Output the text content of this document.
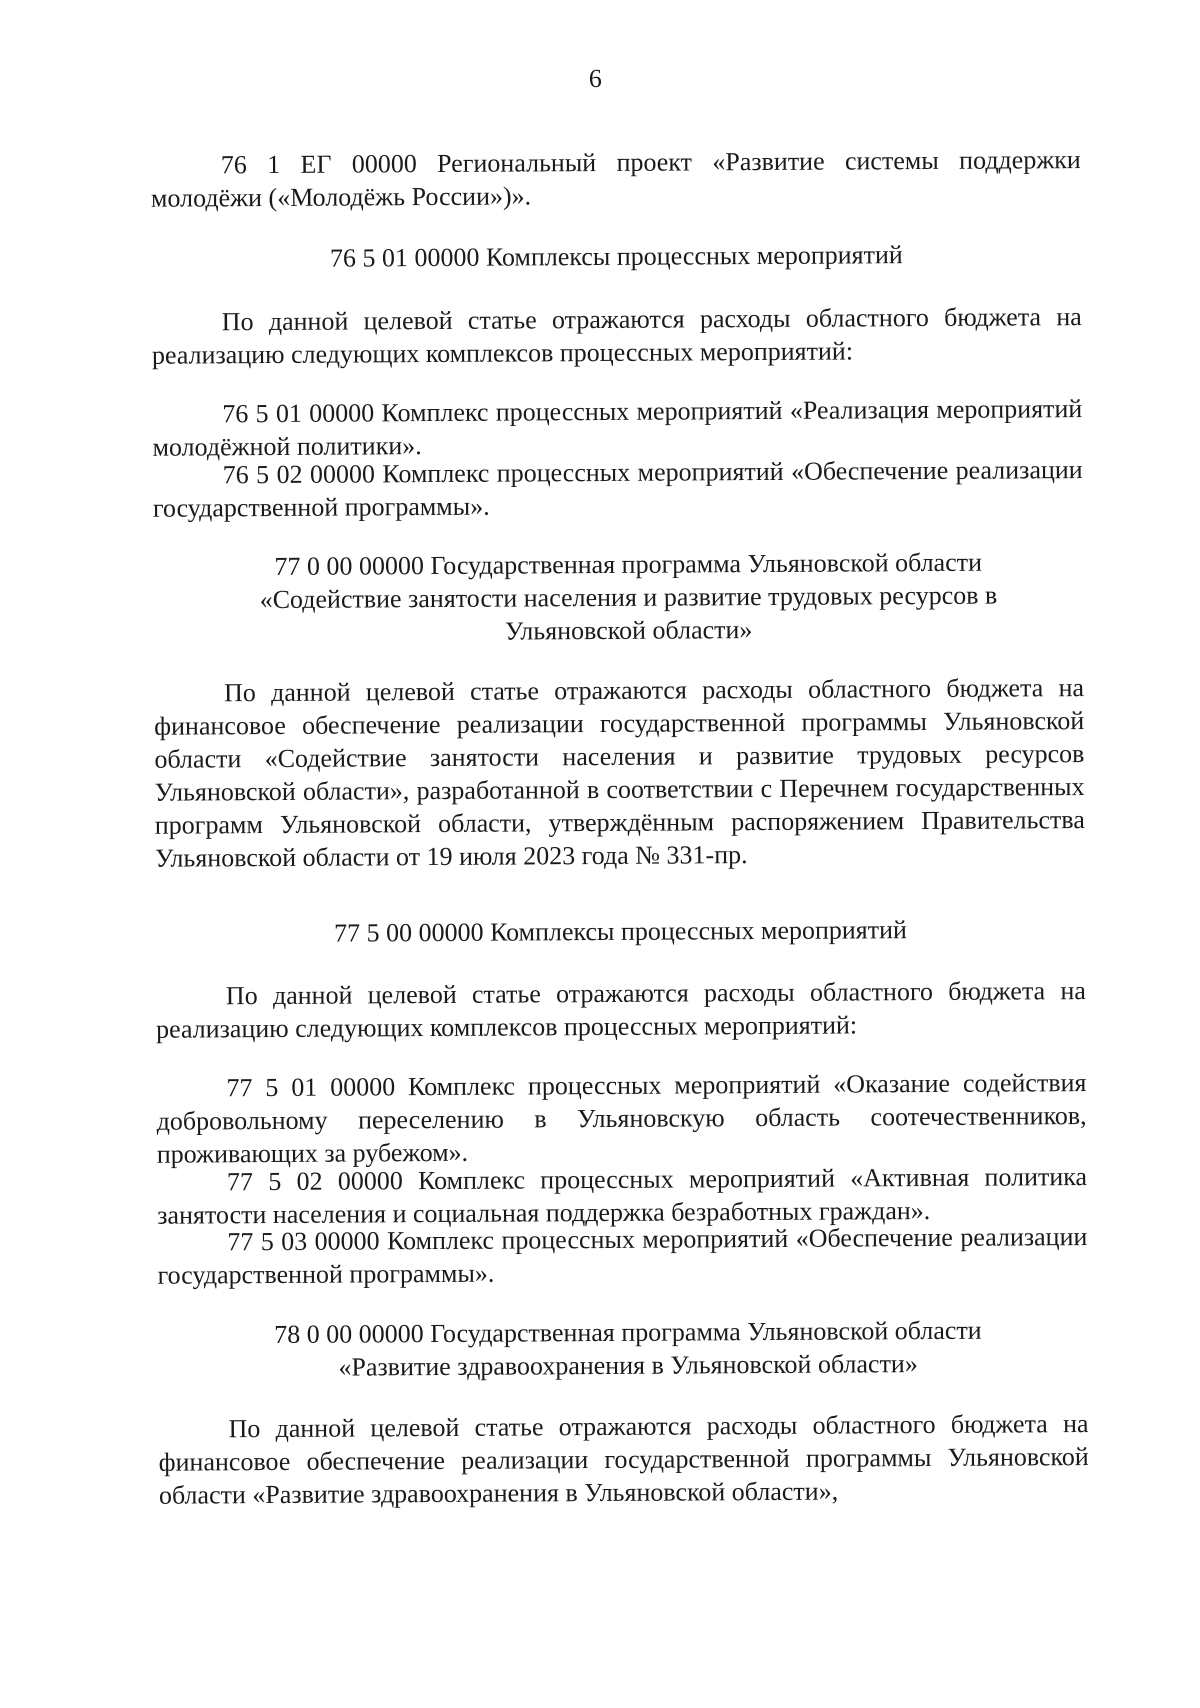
6

76 1 ЕГ 00000 Региональный проект «Развитие системы поддержки молодёжи («Молодёжь России»)».

76 5 01 00000 Комплексы процессных мероприятий

По данной целевой статье отражаются расходы областного бюджета на реализацию следующих комплексов процессных мероприятий:

76 5 01 00000 Комплекс процессных мероприятий «Реализация мероприятий молодёжной политики».

76 5 02 00000 Комплекс процессных мероприятий «Обеспечение реализации государственной программы».

77 0 00 00000 Государственная программа Ульяновской области «Содействие занятости населения и развитие трудовых ресурсов в Ульяновской области»

По данной целевой статье отражаются расходы областного бюджета на финансовое обеспечение реализации государственной программы Ульяновской области «Содействие занятости населения и развитие трудовых ресурсов Ульяновской области», разработанной в соответствии с Перечнем государственных программ Ульяновской области, утверждённым распоряжением Правительства Ульяновской области от 19 июля 2023 года № 331-пр.

77 5 00 00000 Комплексы процессных мероприятий

По данной целевой статье отражаются расходы областного бюджета на реализацию следующих комплексов процессных мероприятий:

77 5 01 00000 Комплекс процессных мероприятий «Оказание содействия добровольному переселению в Ульяновскую область соотечественников, проживающих за рубежом».

77 5 02 00000 Комплекс процессных мероприятий «Активная политика занятости населения и социальная поддержка безработных граждан».

77 5 03 00000 Комплекс процессных мероприятий «Обеспечение реализации государственной программы».

78 0 00 00000 Государственная программа Ульяновской области «Развитие здравоохранения в Ульяновской области»

По данной целевой статье отражаются расходы областного бюджета на финансовое обеспечение реализации государственной программы Ульяновской области «Развитие здравоохранения в Ульяновской области»,
